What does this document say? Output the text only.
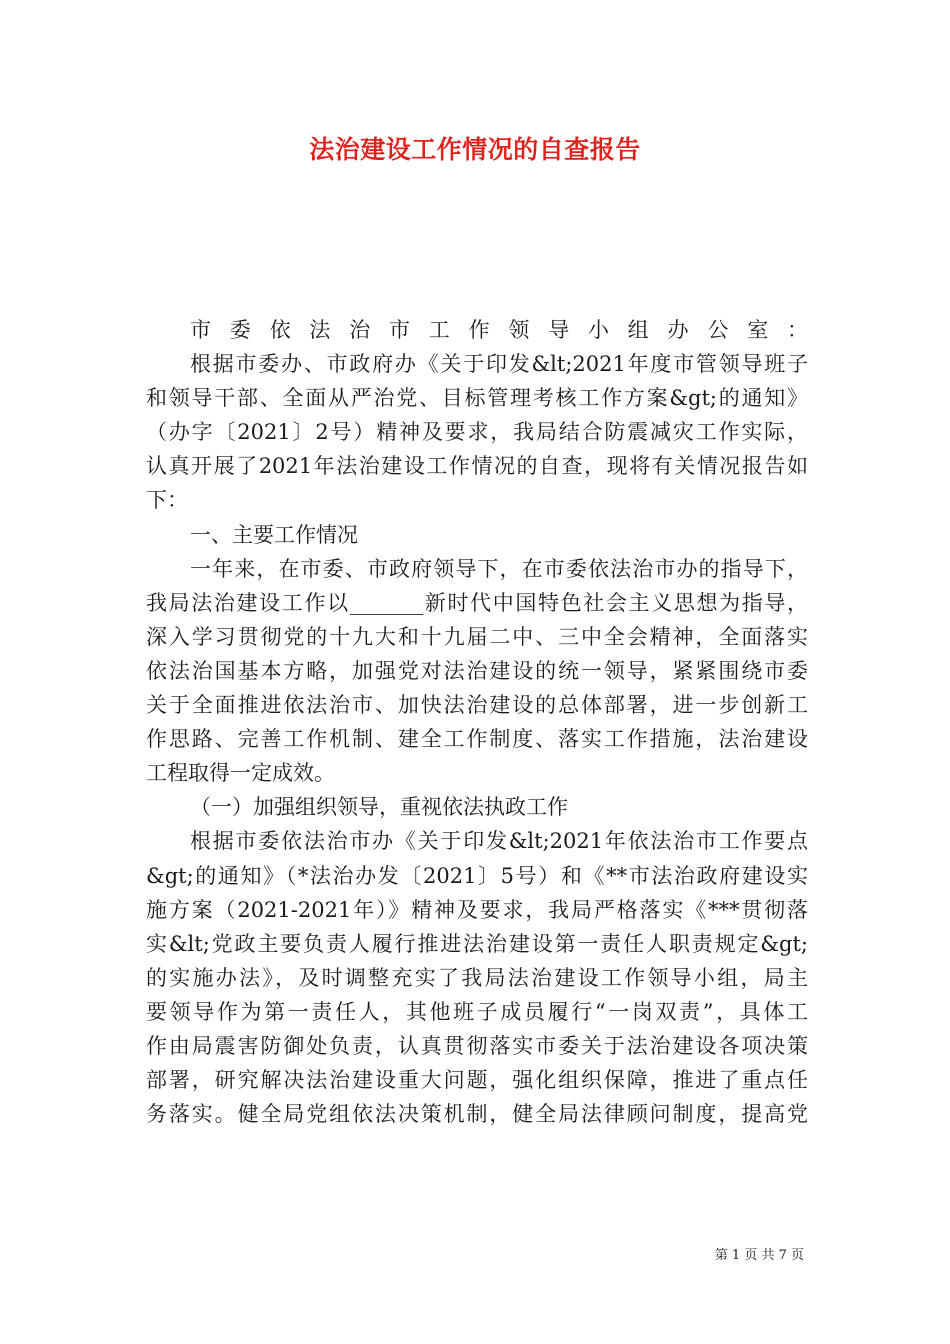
法治建设工作情况的自查报告
市委依法治市工作领导小组办公室：
根据市委办、市政府办《关于印发&lt;2021年度市管领导班子
和领导干部、全面从严治党、目标管理考核工作方案&gt;的通知》
（办字〔2021〕2号）精神及要求，我局结合防震减灾工作实际，
认真开展了2021年法治建设工作情况的自查，现将有关情况报告如
下：
一、主要工作情况
一年来，在市委、市政府领导下，在市委依法治市办的指导下，
我局法治建设工作以_______新时代中国特色社会主义思想为指导，
深入学习贯彻党的十九大和十九届二中、三中全会精神，全面落实
依法治国基本方略，加强党对法治建设的统一领导，紧紧围绕市委
关于全面推进依法治市、加快法治建设的总体部署，进一步创新工
作思路、完善工作机制、建全工作制度、落实工作措施，法治建设
工程取得一定成效。
（一）加强组织领导，重视依法执政工作
根据市委依法治市办《关于印发&lt;2021年依法治市工作要点
&gt;的通知》（*法治办发〔2021〕5号）和《**市法治政府建设实
施方案（2021-2021年）》精神及要求，我局严格落实《***贯彻落
实&lt;党政主要负责人履行推进法治建设第一责任人职责规定&gt;
的实施办法》，及时调整充实了我局法治建设工作领导小组，局主
要领导作为第一责任人，其他班子成员履行“一岗双责”，具体工
作由局震害防御处负责，认真贯彻落实市委关于法治建设各项决策
部署，研究解决法治建设重大问题，强化组织保障，推进了重点任
务落实。健全局党组依法决策机制，健全局法律顾问制度，提高党
第 1 页 共 7 页
